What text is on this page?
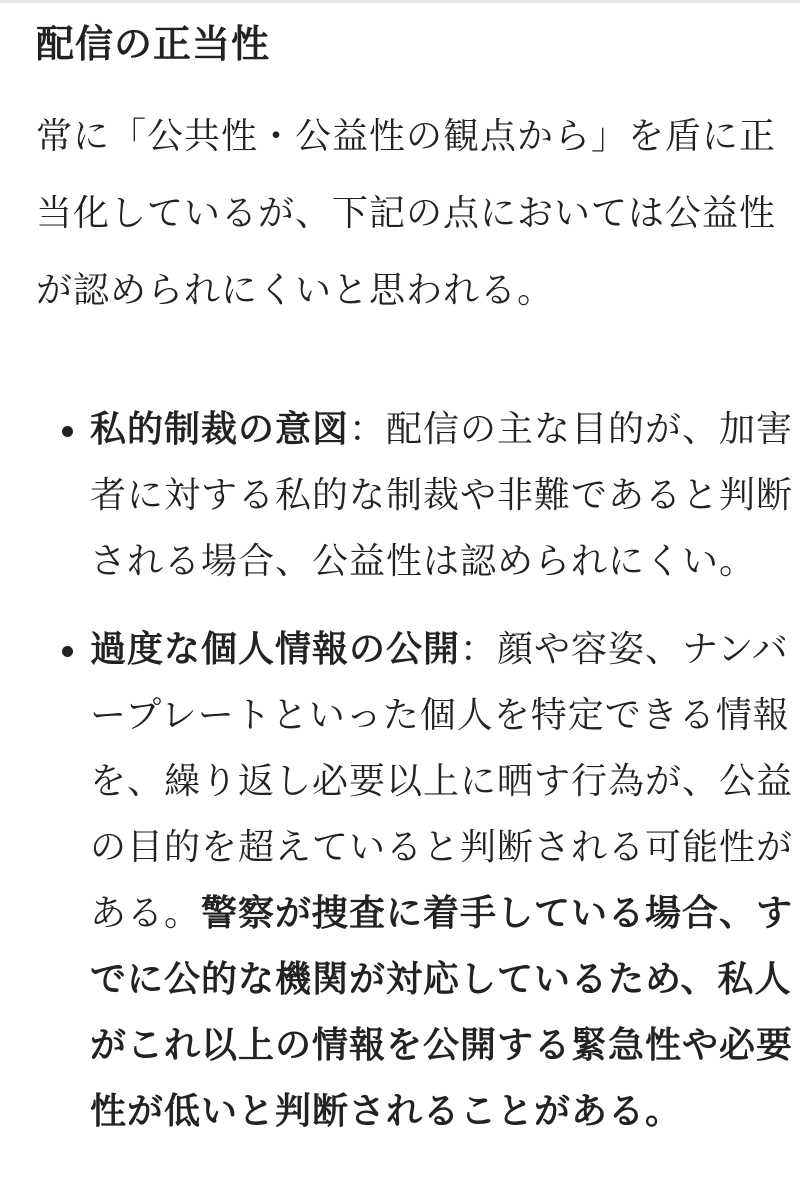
配信の正当性

常に「公共性・公益性の観点から」を盾に正
当化しているが、下記の点においては公益性
が認められにくいと思われる。

私的制裁の意図：配信の主な目的が、加害
者に対する私的な制裁や非難であると判断
される場合、公益性は認められにくい。
過度な個人情報の公開：顔や容姿、ナンバ
ープレートといった個人を特定できる情報
を、繰り返し必要以上に晒す行為が、公益
の目的を超えていると判断される可能性が
ある。警察が捜査に着手している場合、す
でに公的な機関が対応しているため、私人
がこれ以上の情報を公開する緊急性や必要
性が低いと判断されることがある。
